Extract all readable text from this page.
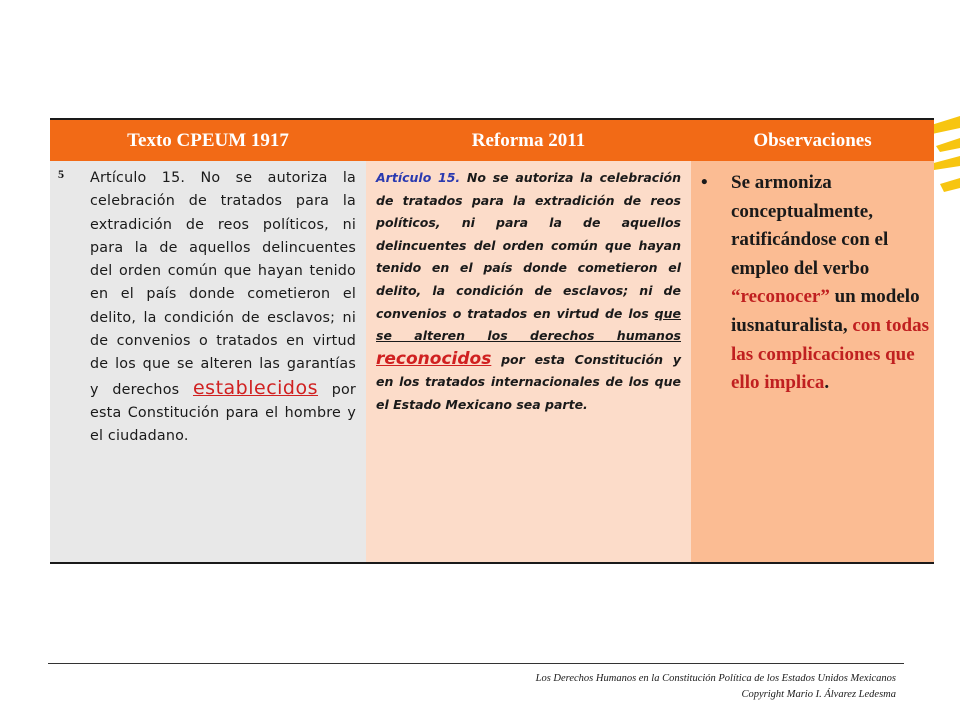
Texto CPEUM 1917	Reforma 2011	Observaciones
5 Artículo 15. No se autoriza la celebración de tratados para la extradición de reos políticos, ni para la de aquellos delincuentes del orden común que hayan tenido en el país donde cometieron el delito, la condición de esclavos; ni de convenios o tratados en virtud de los que se alteren las garantías y derechos establecidos por esta Constitución para el hombre y el ciudadano.
Artículo 15. No se autoriza la celebración de tratados para la extradición de reos políticos, ni para la de aquellos delincuentes del orden común que hayan tenido en el país donde cometieron el delito, la condición de esclavos; ni de convenios o tratados en virtud de los que se alteren los derechos humanos reconocidos por esta Constitución y en los tratados internacionales de los que el Estado Mexicano sea parte.
• Se armoniza conceptualmente, ratificándose con el empleo del verbo “reconocer” un modelo iusnaturalista, con todas las complicaciones que ello implica.
Los Derechos Humanos en la Constitución Política de los Estados Unidos Mexicanos
Copyright Mario I. Álvarez Ledesma
